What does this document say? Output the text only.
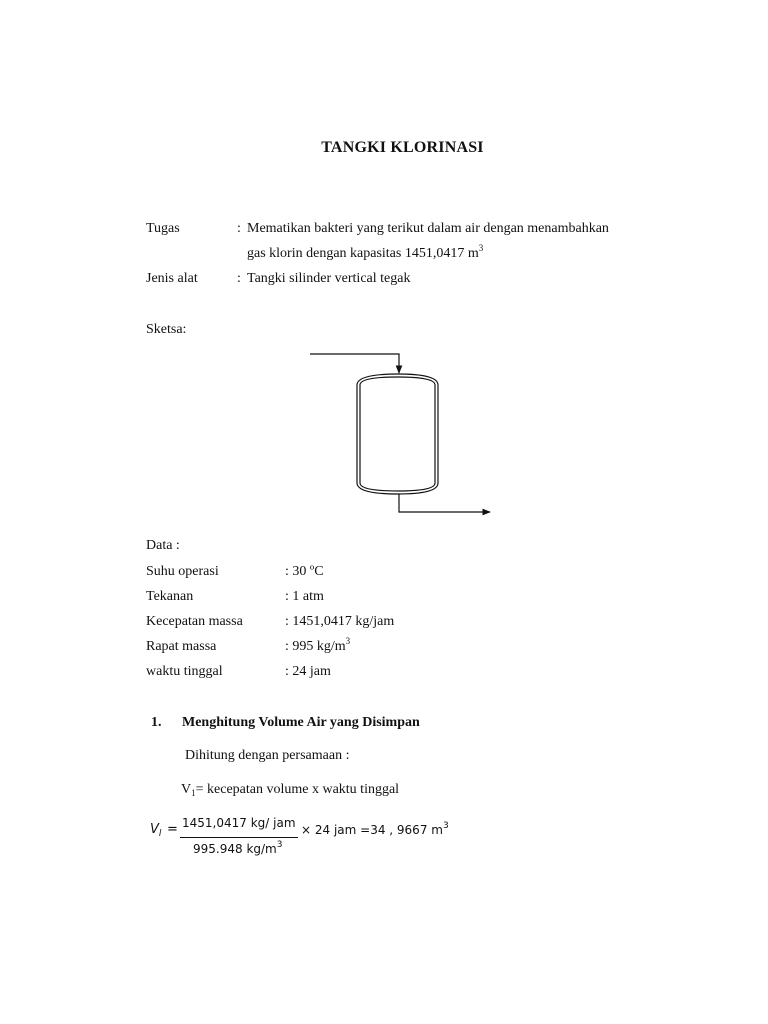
TANGKI KLORINASI
Tugas	: Mematikan bakteri yang terikut dalam air dengan menambahkan
gas klorin dengan kapasitas 1451,0417 $m^3$
Jenis alat	: Tangki silinder vertical tegak
Sketsa:
Data :
Suhu operasi	: 30 ºC
Tekanan	: 1 atm
Kecepatan massa	: 1451,0417 kg/jam
Rapat massa	: 995 $kg/m^3$
waktu tinggal	: 24 jam
1. Menghitung Volume Air yang Disimpan
Dihitung dengan persamaan :
$V_1=$ kecepatan volume x waktu tinggal
$V_l = 1451,0417$ kg/ jam
995.948 $kg/m^3$
× 24 jam =34 , 9667 $m^3$
